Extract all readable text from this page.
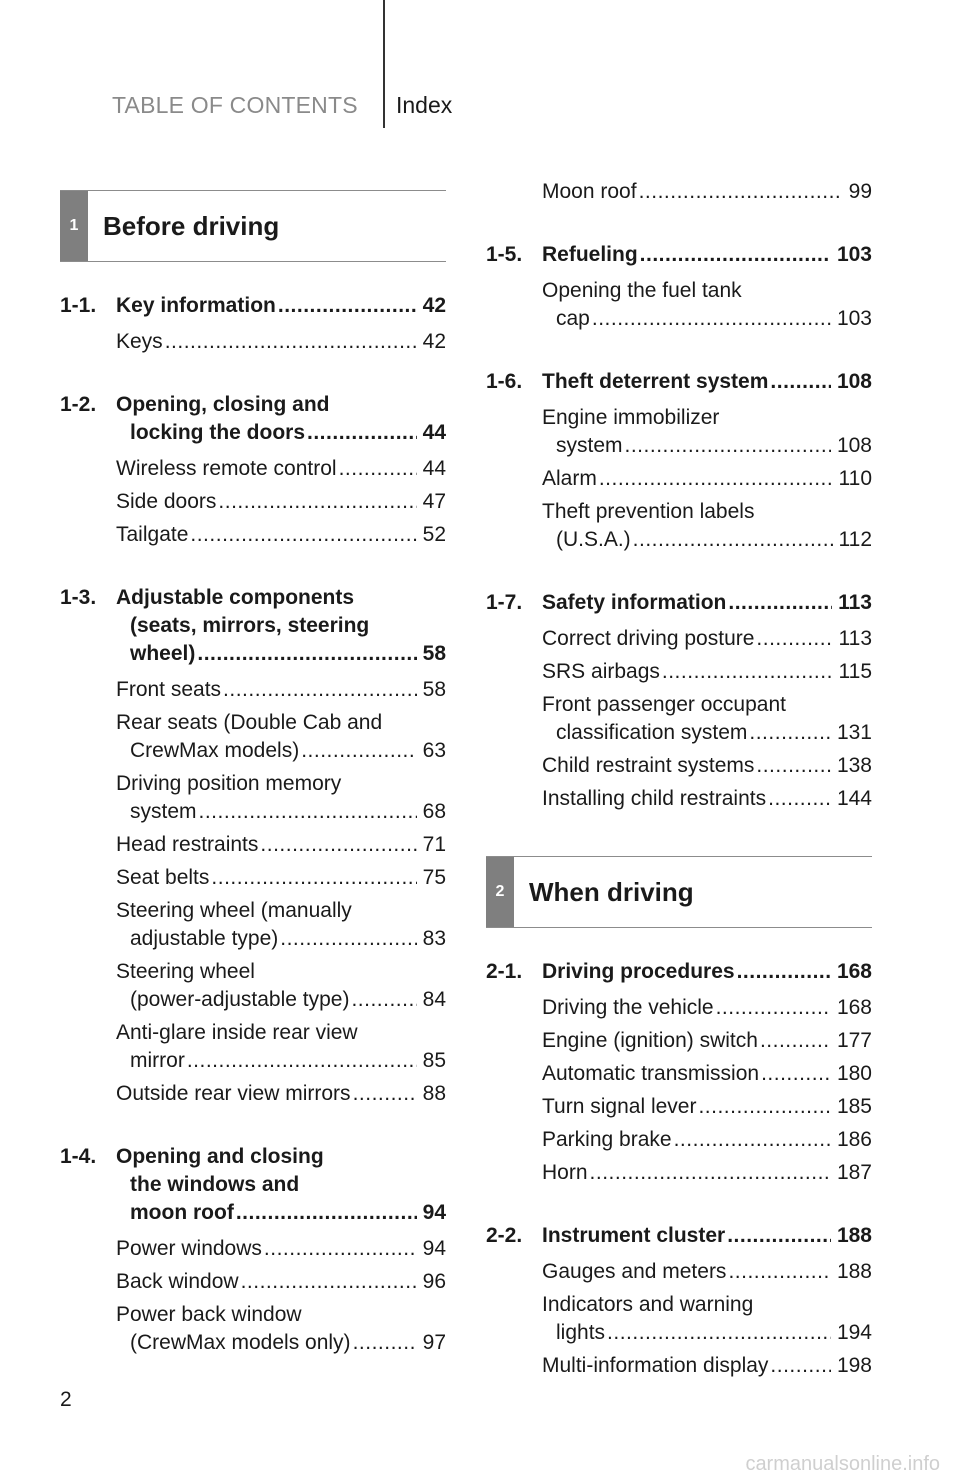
TABLE OF CONTENTS Index
1 Before driving
1-1. Key information .....	42
Keys .....	42
1-2. Opening, closing and
locking the doors .....	44
Wireless remote control .....	44
Side doors .....	47
Tailgate .....	52
1-3. Adjustable components
(seats, mirrors, steering
wheel) .....	58
Front seats .....	58
Rear seats (Double Cab and
CrewMax models) .....	63
Driving position memory
system .....	68
Head restraints .....	71
Seat belts .....	75
Steering wheel (manually
adjustable type) .....	83
Steering wheel
(power-adjustable type) .....	84
Anti-glare inside rear view
mirror .....	85
Outside rear view mirrors .....	88
1-4. Opening and closing
the windows and
moon roof .....	94
Power windows .....	94
Back window .....	96
Power back window
(CrewMax models only) .....	97
Moon roof .....	99
1-5. Refueling .....	103
Opening the fuel tank
cap .....	103
1-6. Theft deterrent system .....	108
Engine immobilizer
system .....	108
Alarm .....	110
Theft prevention labels
(U.S.A.) .....	112
1-7. Safety information .....	113
Correct driving posture .....	113
SRS airbags .....	115
Front passenger occupant
classification system .....	131
Child restraint systems .....	138
Installing child restraints .....	144
2 When driving
2-1. Driving procedures .....	168
Driving the vehicle .....	168
Engine (ignition) switch .....	177
Automatic transmission .....	180
Turn signal lever .....	185
Parking brake .....	186
Horn .....	187
2-2. Instrument cluster .....	188
Gauges and meters .....	188
Indicators and warning
lights .....	194
Multi-information display .....	198
2
carmanualsonline.info
